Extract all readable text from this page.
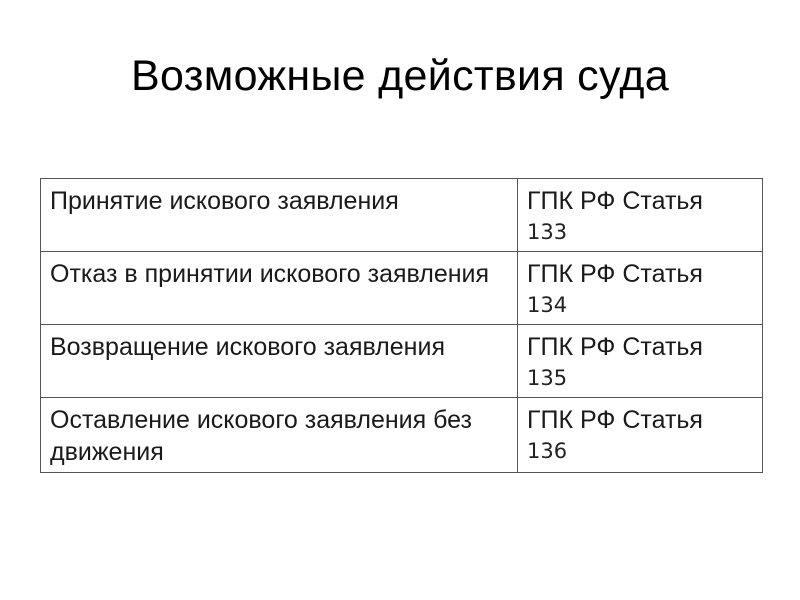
Возможные действия суда
Принятие искового заявления	ГПК РФ Статья
133

Отказ в принятии искового заявления	ГПК РФ Статья
134

Возвращение искового заявления	ГПК РФ Статья
135

Оставление искового заявления без движения	ГПК РФ Статья
136
